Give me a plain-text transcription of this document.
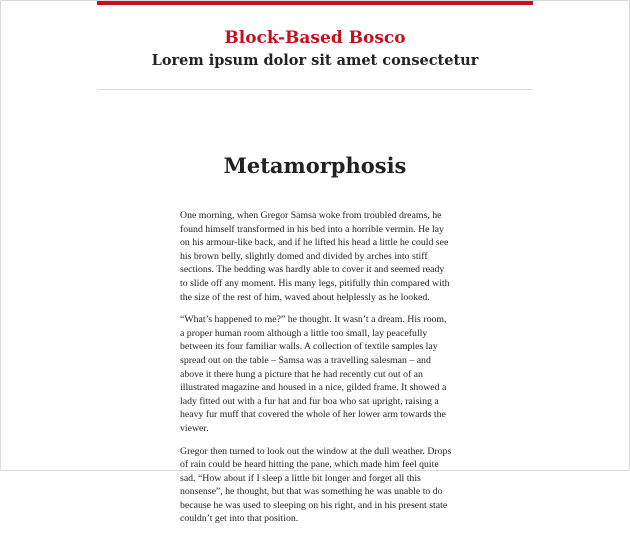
Block-Based Bosco
Lorem ipsum dolor sit amet consectetur
Metamorphosis

One morning, when Gregor Samsa woke from troubled dreams, he found himself transformed in his bed into a horrible vermin. He lay on his armour-like back, and if he lifted his head a little he could see his brown belly, slightly domed and divided by arches into stiff sections. The bedding was hardly able to cover it and seemed ready to slide off any moment. His many legs, pitifully thin compared with the size of the rest of him, waved about helplessly as he looked.

“What’s happened to me?” he thought. It wasn’t a dream. His room, a proper human room although a little too small, lay peacefully between its four familiar walls. A collection of textile samples lay spread out on the table – Samsa was a travelling salesman – and above it there hung a picture that he had recently cut out of an illustrated magazine and housed in a nice, gilded frame. It showed a lady fitted out with a fur hat and fur boa who sat upright, raising a heavy fur muff that covered the whole of her lower arm towards the viewer.

Gregor then turned to look out the window at the dull weather. Drops of rain could be heard hitting the pane, which made him feel quite sad. “How about if I sleep a little bit longer and forget all this nonsense”, he thought, but that was something he was unable to do because he was used to sleeping on his right, and in his present state couldn’t get into that position.
